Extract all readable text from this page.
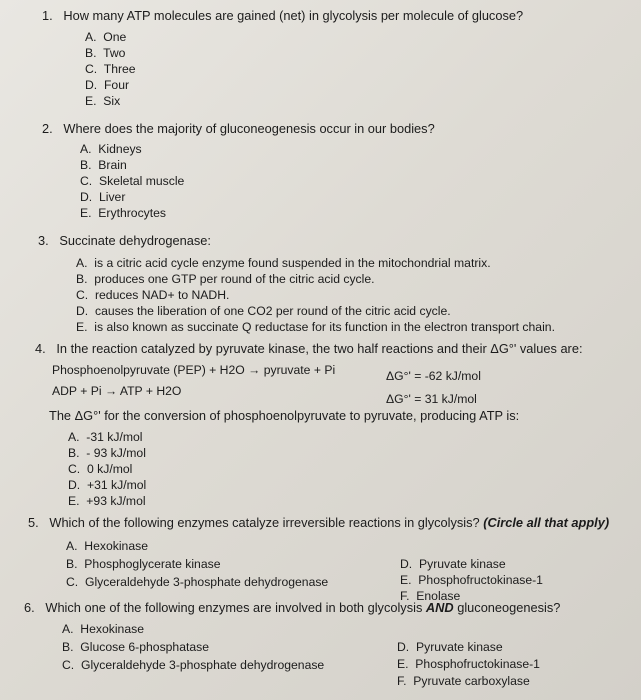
1. How many ATP molecules are gained (net) in glycolysis per molecule of glucose?
A. One
B. Two
C. Three
D. Four
E. Six
2. Where does the majority of gluconeogenesis occur in our bodies?
A. Kidneys
B. Brain
C. Skeletal muscle
D. Liver
E. Erythrocytes
3. Succinate dehydrogenase:
A. is a citric acid cycle enzyme found suspended in the mitochondrial matrix.
B. produces one GTP per round of the citric acid cycle.
C. reduces NAD+ to NADH.
D. causes the liberation of one CO2 per round of the citric acid cycle.
E. is also known as succinate Q reductase for its function in the electron transport chain.
4. In the reaction catalyzed by pyruvate kinase, the two half reactions and their ΔG°' values are:
Phosphoenolpyruvate (PEP) + H2O → pyruvate + Pi	ΔG°' = -62 kJ/mol
ADP + Pi → ATP + H2O
ΔG°' = 31 kJ/mol
The ΔG°' for the conversion of phosphoenolpyruvate to pyruvate, producing ATP is:
A. -31 kJ/mol
B. - 93 kJ/mol
C. 0 kJ/mol
D. +31 kJ/mol
E. +93 kJ/mol
5. Which of the following enzymes catalyze irreversible reactions in glycolysis? (Circle all that apply)
A. Hexokinase
B. Phosphoglycerate kinase
C. Glyceraldehyde 3-phosphate dehydrogenase
D. Pyruvate kinase
E. Phosphofructokinase-1
F. Enolase
6. Which one of the following enzymes are involved in both glycolysis AND gluconeogenesis?
A. Hexokinase
B. Glucose 6-phosphatase
C. Glyceraldehyde 3-phosphate dehydrogenase
D. Pyruvate kinase
E. Phosphofructokinase-1
F. Pyruvate carboxylase
